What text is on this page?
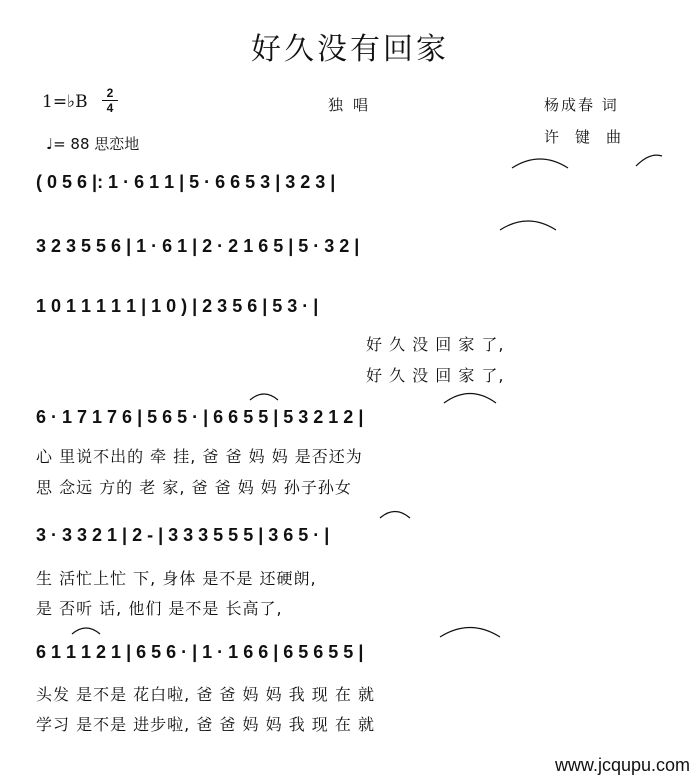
好久没有回家
1=♭B	2
4
♩= 88 思恋地
独唱	杨成春 词
许键曲
( 0 5 6 |: 1 · 6 1 1 | 5 · 6 6 5 3 | 3 2 3 |
3 2 3 5 5 6 | 1 · 6 1 | 2 · 2 1 6 5 | 5 · 3 2 |
1 0 1 1 1 1 1 | 1 0 ) | 2 3 5 6 | 5 3 · |
6 · 1 7 1 7 6 | 5 6 5 · | 6 6 5 5 | 5 3 2 1 2 |
3 · 3 3 2 1 | 2 - | 3 3 3 5 5 5 | 3 6 5 · |
6 1 1 1 2 1 | 6 5 6 · | 1 · 1 6 6 | 6 5 6 5 5 |
好 久 没 回 家 了,
好 久 没 回 家 了,
心 里说不出的 牵 挂, 爸 爸 妈 妈 是否还为
思 念远 方的 老 家, 爸 爸 妈 妈 孙子孙女
生 活忙上忙 下, 身体 是不是 还硬朗,
是 否听 话, 他们 是不是 长高了,
头发 是不是 花白啦, 爸 爸 妈 妈 我 现 在 就
学习 是不是 进步啦, 爸 爸 妈 妈 我 现 在 就
www.jcqupu.com
